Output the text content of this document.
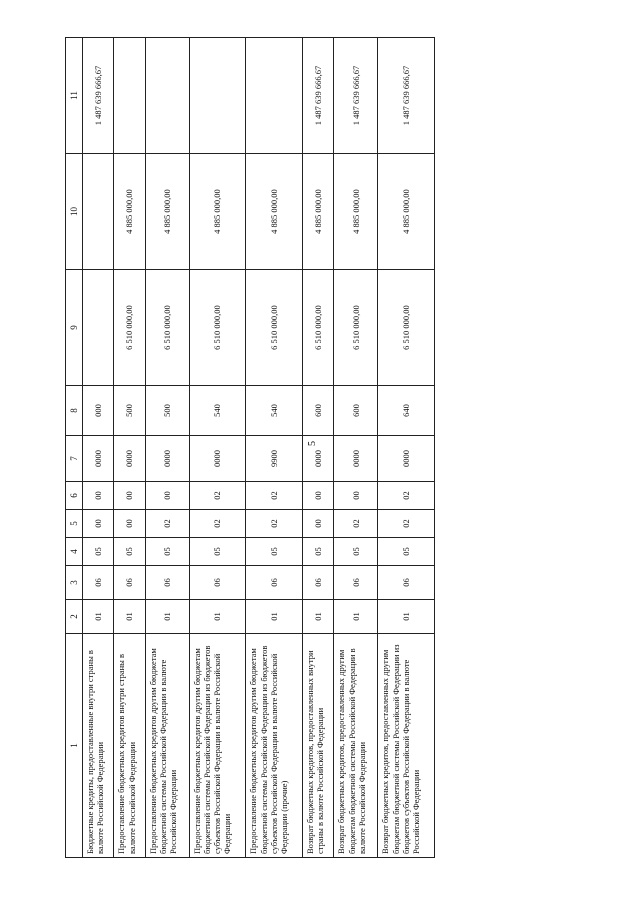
5
1	2	3	4	5	6	7	8	9	10	11
Бюджетные кредиты, предоставленные внутри страны в валюте Российской Федерации	01	06	05	00	00	0000	000			1 487 639 666,67
Предоставление бюджетных кредитов внутри страны в валюте Российской Федерации	01	06	05	00	00	0000	500	6 510 000,00	4 885 000,00	
Предоставление бюджетных кредитов другим бюджетам бюджетной системы Российской Федерации в валюте Российской Федерации	01	06	05	02	00	0000	500	6 510 000,00	4 885 000,00	
Предоставление бюджетных кредитов другим бюджетам бюджетной системы Российской Федерации из бюджетов субъектов Российской Федерации в валюте Российской Федерации	01	06	05	02	02	0000	540	6 510 000,00	4 885 000,00	
Предоставление бюджетных кредитов другим бюджетам бюджетной системы Российской Федерации из бюджетов субъектов Российской Федерации в валюте Российской Федерации (прочие)	01	06	05	02	02	9900	540	6 510 000,00	4 885 000,00	
Возврат бюджетных кредитов, предоставленных внутри страны в валюте Российской Федерации	01	06	05	00	00	0000	600	6 510 000,00	4 885 000,00	1 487 639 666,67
Возврат бюджетных кредитов, предоставленных другим бюджетам бюджетной системы Российской Федерации в валюте Российской Федерации	01	06	05	02	00	0000	600	6 510 000,00	4 885 000,00	1 487 639 666,67
Возврат бюджетных кредитов, предоставленных другим бюджетам бюджетной системы Российской Федерации из бюджетов субъектов Российской Федерации в валюте Российской Федерации	01	06	05	02	02	0000	640	6 510 000,00	4 885 000,00	1 487 639 666,67
